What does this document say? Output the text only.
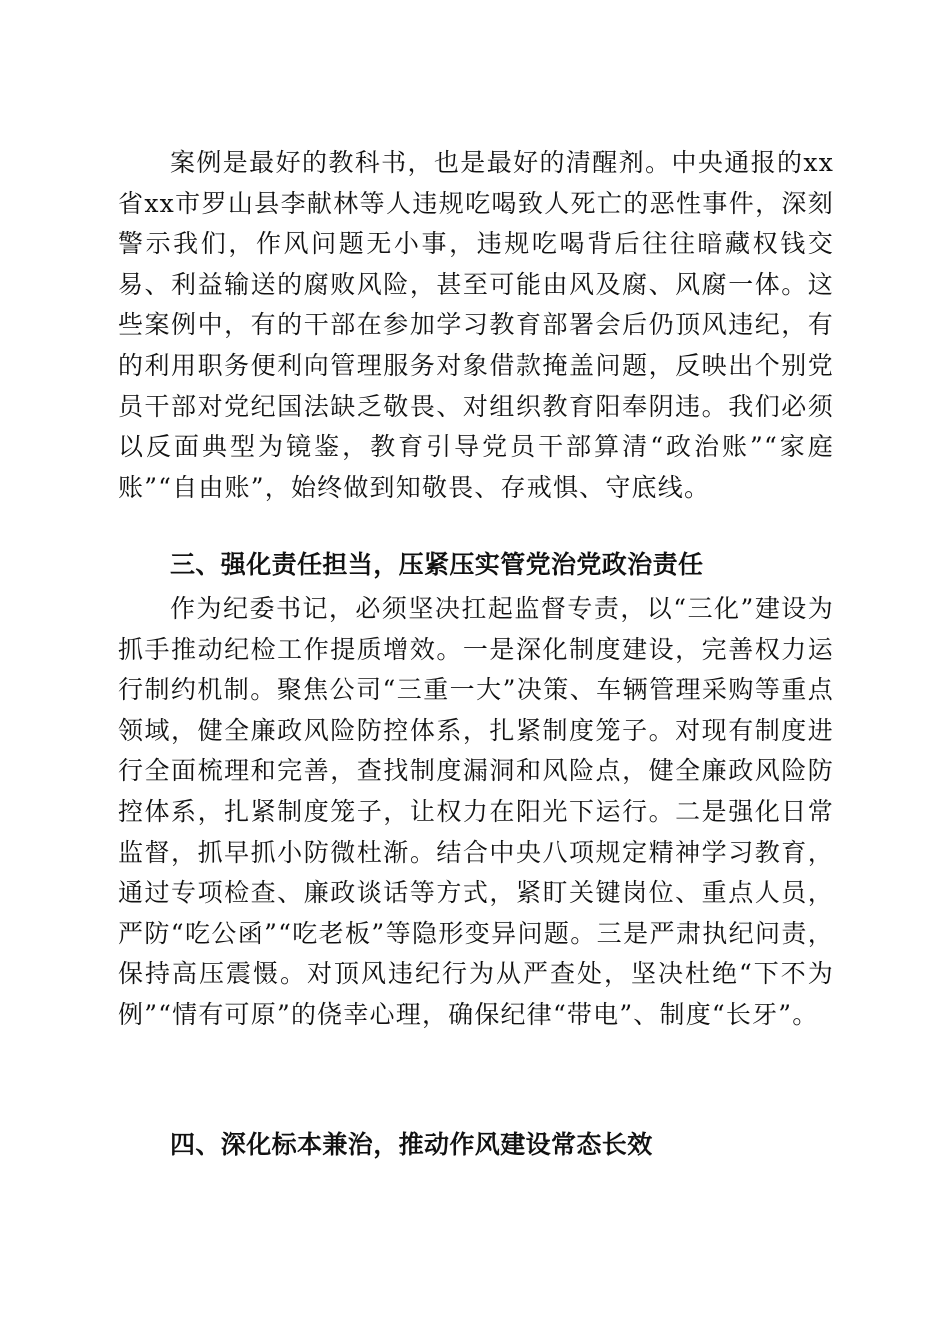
案例是最好的教科书，也是最好的清醒剂。中央通报的xx省xx市罗山县李献林等人违规吃喝致人死亡的恶性事件，深刻警示我们，作风问题无小事，违规吃喝背后往往暗藏权钱交易、利益输送的腐败风险，甚至可能由风及腐、风腐一体。这些案例中，有的干部在参加学习教育部署会后仍顶风违纪，有的利用职务便利向管理服务对象借款掩盖问题，反映出个别党员干部对党纪国法缺乏敬畏、对组织教育阳奉阴违。我们必须以反面典型为镜鉴，教育引导党员干部算清“政治账”“家庭账”“自由账”，始终做到知敬畏、存戒惧、守底线。

三、强化责任担当，压紧压实管党治党政治责任

作为纪委书记，必须坚决扛起监督专责，以“三化”建设为抓手推动纪检工作提质增效。一是深化制度建设，完善权力运行制约机制。聚焦公司“三重一大”决策、车辆管理采购等重点领域，健全廉政风险防控体系，扎紧制度笼子。对现有制度进行全面梳理和完善，查找制度漏洞和风险点，健全廉政风险防控体系，扎紧制度笼子，让权力在阳光下运行。二是强化日常监督，抓早抓小防微杜渐。结合中央八项规定精神学习教育，通过专项检查、廉政谈话等方式，紧盯关键岗位、重点人员，严防“吃公函”“吃老板”等隐形变异问题。三是严肃执纪问责，保持高压震慑。对顶风违纪行为从严查处，坚决杜绝“下不为例”“情有可原”的侥幸心理，确保纪律“带电”、制度“长牙”。

四、深化标本兼治，推动作风建设常态长效
